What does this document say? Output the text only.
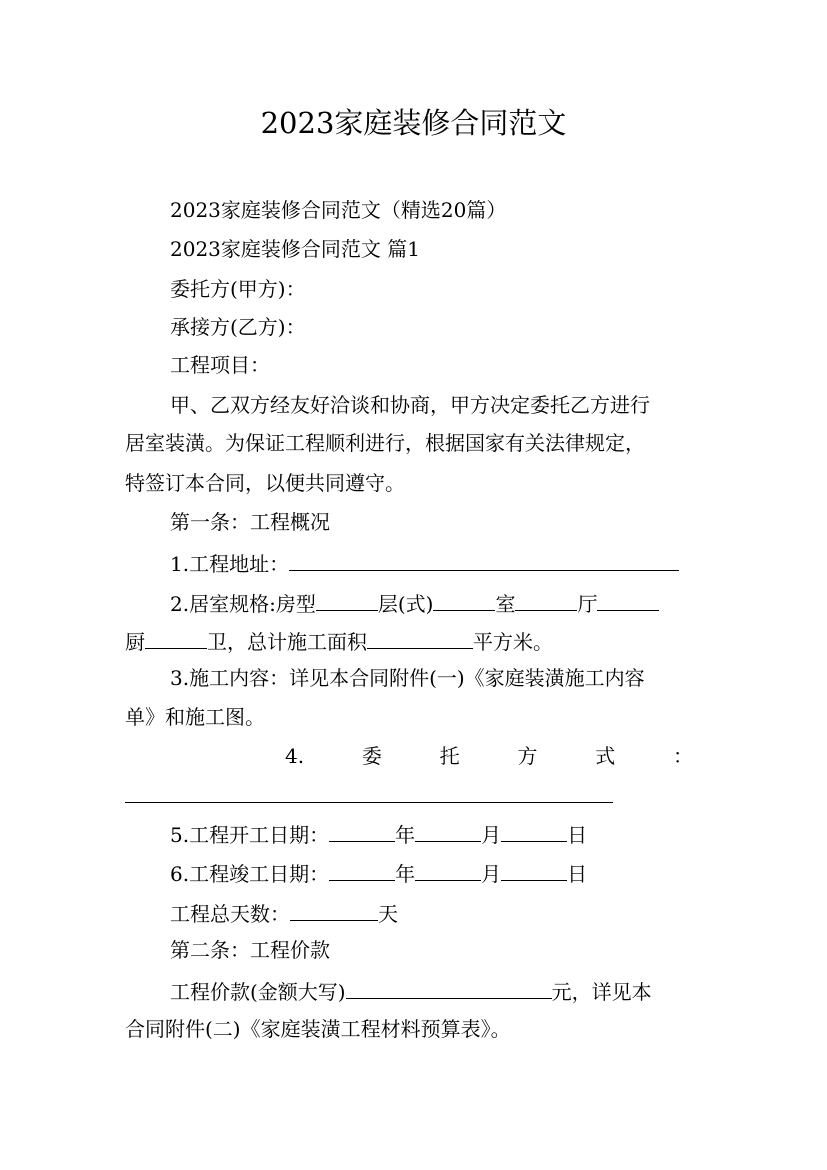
2023家庭装修合同范文
2023家庭装修合同范文（精选20篇）
2023家庭装修合同范文 篇1
委托方(甲方)：
承接方(乙方)：
工程项目：
甲、乙双方经友好洽谈和协商，甲方决定委托乙方进行
居室装潢。为保证工程顺利进行，根据国家有关法律规定，
特签订本合同，以便共同遵守。
第一条：工程概况
1.工程地址：
2.居室规格:房型	层(式)	室	厅
厨	卫，总计施工面积	平方米。
3.施工内容：详见本合同附件(一)《家庭装潢施工内容
单》和施工图。
4.	委	托	方	式	：
5.工程开工日期：	年	月	日
6.工程竣工日期：	年	月	日
工程总天数：	天
第二条：工程价款
工程价款(金额大写)	元，详见本
合同附件(二)《家庭装潢工程材料预算表》。
